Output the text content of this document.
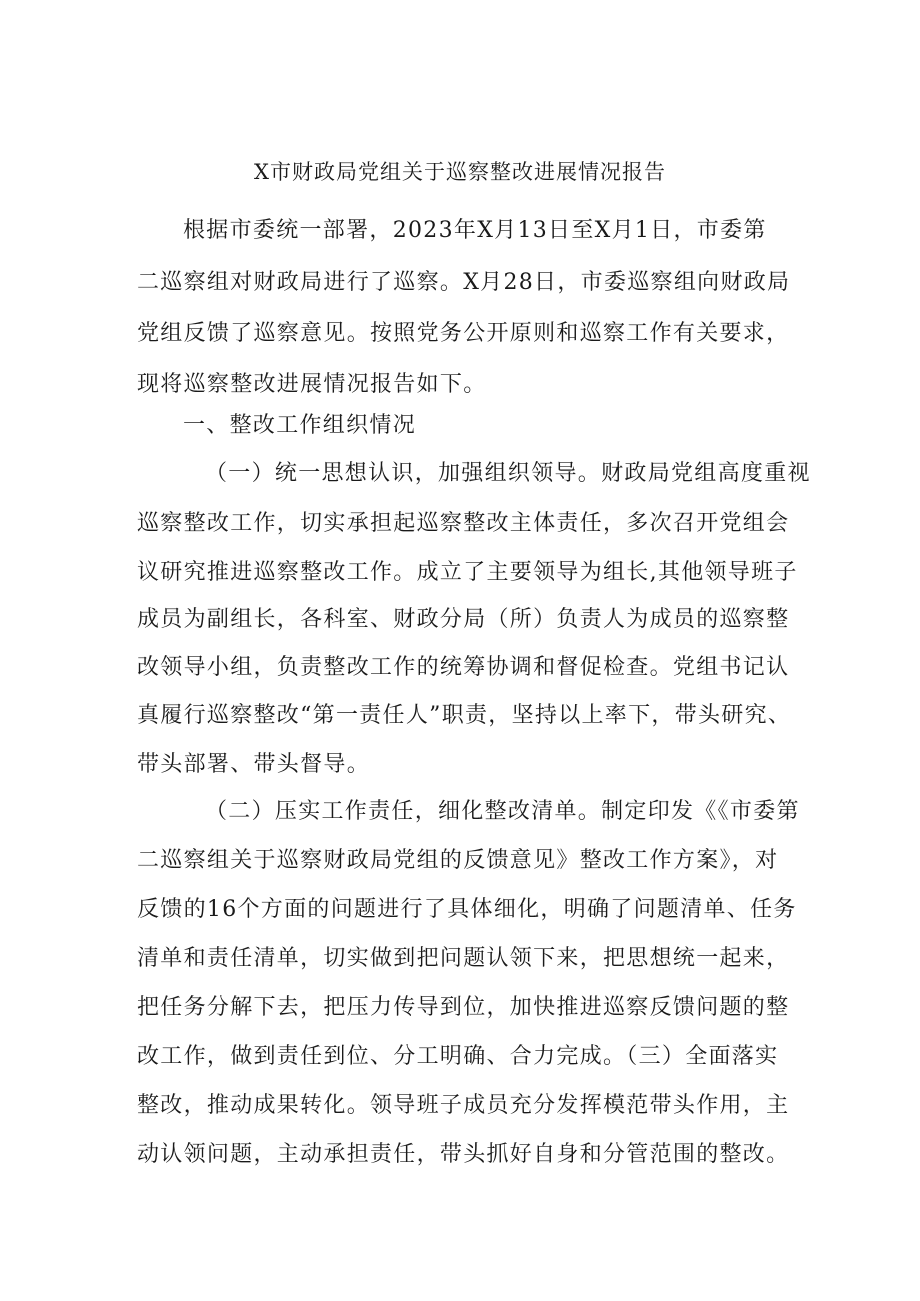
X市财政局党组关于巡察整改进展情况报告
根据市委统一部署，2023年X月13日至X月1日，市委第
二巡察组对财政局进行了巡察。X月28日，市委巡察组向财政局
党组反馈了巡察意见。按照党务公开原则和巡察工作有关要求，
现将巡察整改进展情况报告如下。
一、整改工作组织情况
（一）统一思想认识，加强组织领导。财政局党组高度重视
巡察整改工作，切实承担起巡察整改主体责任，多次召开党组会
议研究推进巡察整改工作。成立了主要领导为组长,其他领导班子
成员为副组长，各科室、财政分局（所）负责人为成员的巡察整
改领导小组，负责整改工作的统筹协调和督促检查。党组书记认
真履行巡察整改“第一责任人”职责，坚持以上率下，带头研究、
带头部署、带头督导。
（二）压实工作责任，细化整改清单。制定印发《《市委第
二巡察组关于巡察财政局党组的反馈意见》整改工作方案》，对
反馈的16个方面的问题进行了具体细化，明确了问题清单、任务
清单和责任清单，切实做到把问题认领下来，把思想统一起来，
把任务分解下去，把压力传导到位，加快推进巡察反馈问题的整
改工作，做到责任到位、分工明确、合力完成。（三）全面落实
整改，推动成果转化。领导班子成员充分发挥模范带头作用，主
动认领问题，主动承担责任，带头抓好自身和分管范围的整改。
